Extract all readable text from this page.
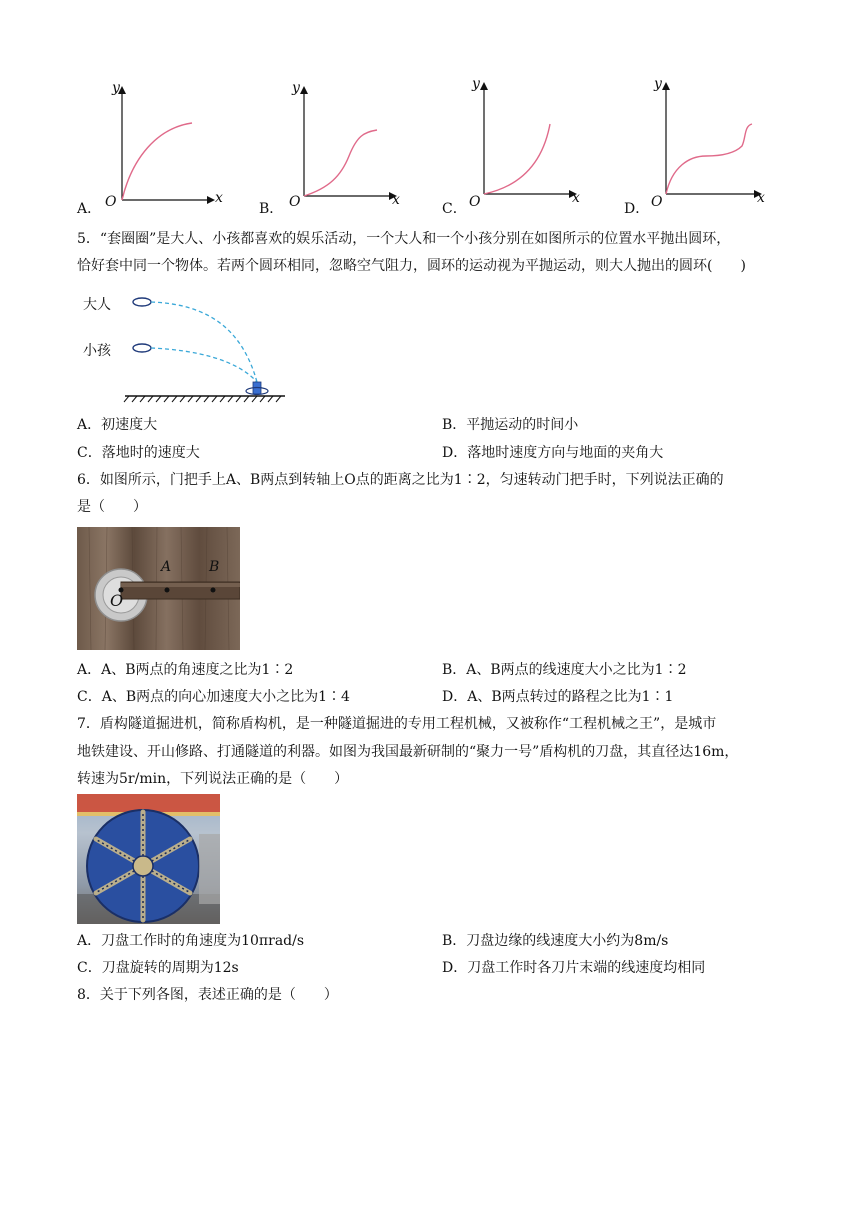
A．
y
x
O	B．
y
x
O	C．
y
x
O	D．
y
x
O
5．“套圈圈”是大人、小孩都喜欢的娱乐活动，一个大人和一个小孩分别在如图所示的位置水平抛出圆环，
恰好套中同一个物体。若两个圆环相同，忽略空气阻力，圆环的运动视为平抛运动，则大人抛出的圆环(　　)
大人
小孩
A．初速度大	B．平抛运动的时间小
C．落地时的速度大	D．落地时速度方向与地面的夹角大
6．如图所示，门把手上A、B两点到转轴上O点的距离之比为1∶2，匀速转动门把手时，下列说法正确的
是（　　）
A	B
O
A．A、B两点的角速度之比为1∶2	B．A、B两点的线速度大小之比为1∶2
C．A、B两点的向心加速度大小之比为1∶4	D．A、B两点转过的路程之比为1∶1
7．盾构隧道掘进机，简称盾构机，是一种隧道掘进的专用工程机械，又被称作“工程机械之王”，是城市
地铁建设、开山修路、打通隧道的利器。如图为我国最新研制的“聚力一号”盾构机的刀盘，其直径达16m，
转速为5r/min，下列说法正确的是（　　）
A．刀盘工作时的角速度为10πrad/s	B．刀盘边缘的线速度大小约为8m/s
C．刀盘旋转的周期为12s	D．刀盘工作时各刀片末端的线速度均相同
8．关于下列各图，表述正确的是（　　）
